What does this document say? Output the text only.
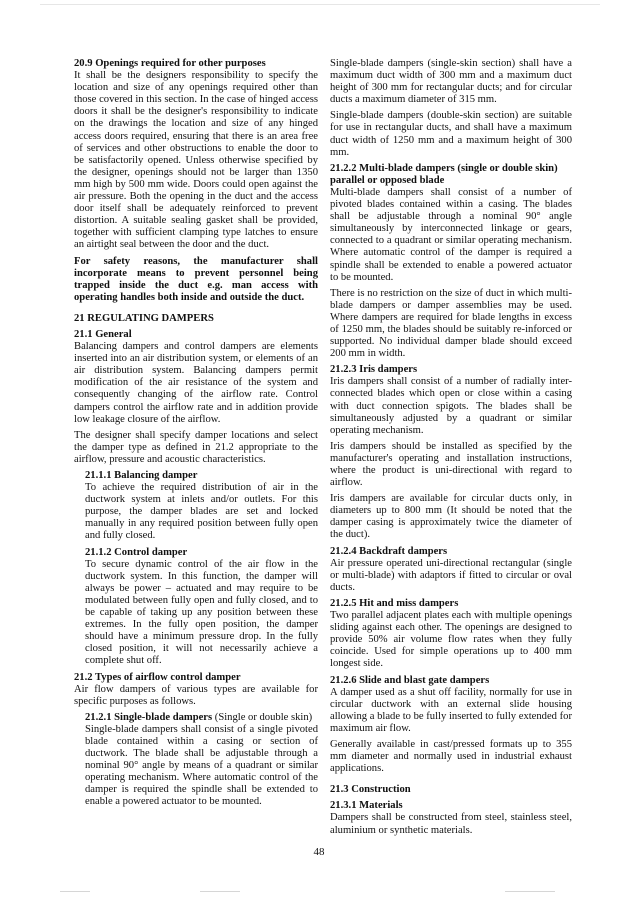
20.9 Openings required for other purposes

It shall be the designers responsibility to specify the location and size of any openings required other than those covered in this section. In the case of hinged access doors it shall be the designer's responsibility to indicate on the drawings the location and size of any hinged access doors required, ensuring that there is an area free of services and other obstructions to enable the door to be satisfactorily opened. Unless otherwise specified by the designer, openings should not be larger than 1350 mm high by 500 mm wide. Doors could open against the air pressure. Both the opening in the duct and the access door itself shall be adequately reinforced to prevent distortion. A suitable sealing gasket shall be provided, together with sufficient clamping type latches to ensure an airtight seal between the door and the duct.

For safety reasons, the manufacturer shall incorporate means to prevent personnel being trapped inside the duct e.g. man access with operating handles both inside and outside the duct.

21 REGULATING DAMPERS
21.1 General

Balancing dampers and control dampers are elements inserted into an air distribution system, or elements of an air distribution system. Balancing dampers permit modification of the air resistance of the system and consequently changing of the airflow rate. Control dampers control the airflow rate and in addition provide low leakage closure of the airflow.

The designer shall specify damper locations and select the damper type as defined in 21.2 appropriate to the airflow, pressure and acoustic characteristics.

21.1.1 Balancing damper

To achieve the required distribution of air in the ductwork system at inlets and/or outlets. For this purpose, the damper blades are set and locked manually in any required position between fully open and fully closed.

21.1.2 Control damper

To secure dynamic control of the air flow in the ductwork system. In this function, the damper will always be power – actuated and may require to be modulated between fully open and fully closed, and to be capable of taking up any position between these extremes. In the fully open position, the damper should have a minimum pressure drop. In the fully closed position, it will not necessarily achieve a complete shut off.

21.2 Types of airflow control damper

Air flow dampers of various types are available for specific purposes as follows.

21.2.1 Single-blade dampers (Single or double skin)

Single-blade dampers shall consist of a single pivoted blade contained within a casing or section of ductwork. The blade shall be adjustable through a nominal 90° angle by means of a quadrant or similar operating mechanism. Where automatic control of the damper is required the spindle shall be extended to enable a powered actuator to be mounted.

Single-blade dampers (single-skin section) shall have a maximum duct width of 300 mm and a maximum duct height of 300 mm for rectangular ducts; and for circular ducts a maximum diameter of 315 mm.

Single-blade dampers (double-skin section) are suitable for use in rectangular ducts, and shall have a maximum duct width of 1250 mm and a maximum height of 300 mm.

21.2.2 Multi-blade dampers (single or double skin) parallel or opposed blade

Multi-blade dampers shall consist of a number of pivoted blades contained within a casing. The blades shall be adjustable through a nominal 90° angle simultaneously by interconnected linkage or gears, connected to a quadrant or similar operating mechanism. Where automatic control of the damper is required a spindle shall be extended to enable a powered actuator to be mounted.

There is no restriction on the size of duct in which multi-blade dampers or damper assemblies may be used. Where dampers are required for blade lengths in excess of 1250 mm, the blades should be suitably re-inforced or supported. No individual damper blade should exceed 200 mm in width.

21.2.3 Iris dampers

Iris dampers shall consist of a number of radially inter-connected blades which open or close within a casing with duct connection spigots. The blades shall be simultaneously adjusted by a quadrant or similar operating mechanism.

Iris dampers should be installed as specified by the manufacturer's operating and installation instructions, where the product is uni-directional with regard to airflow.

Iris dampers are available for circular ducts only, in diameters up to 800 mm (It should be noted that the damper casing is approximately twice the diameter of the duct).

21.2.4 Backdraft dampers

Air pressure operated uni-directional rectangular (single or multi-blade) with adaptors if fitted to circular or oval ducts.

21.2.5 Hit and miss dampers

Two parallel adjacent plates each with multiple openings sliding against each other. The openings are designed to provide 50% air volume flow rates when they fully coincide. Used for simple operations up to 400 mm longest side.

21.2.6 Slide and blast gate dampers

A damper used as a shut off facility, normally for use in circular ductwork with an external slide housing allowing a blade to be fully inserted to fully extended for maximum air flow.

Generally available in cast/pressed formats up to 355 mm diameter and normally used in industrial exhaust applications.

21.3 Construction
21.3.1 Materials

Dampers shall be constructed from steel, stainless steel, aluminium or synthetic materials.

48
